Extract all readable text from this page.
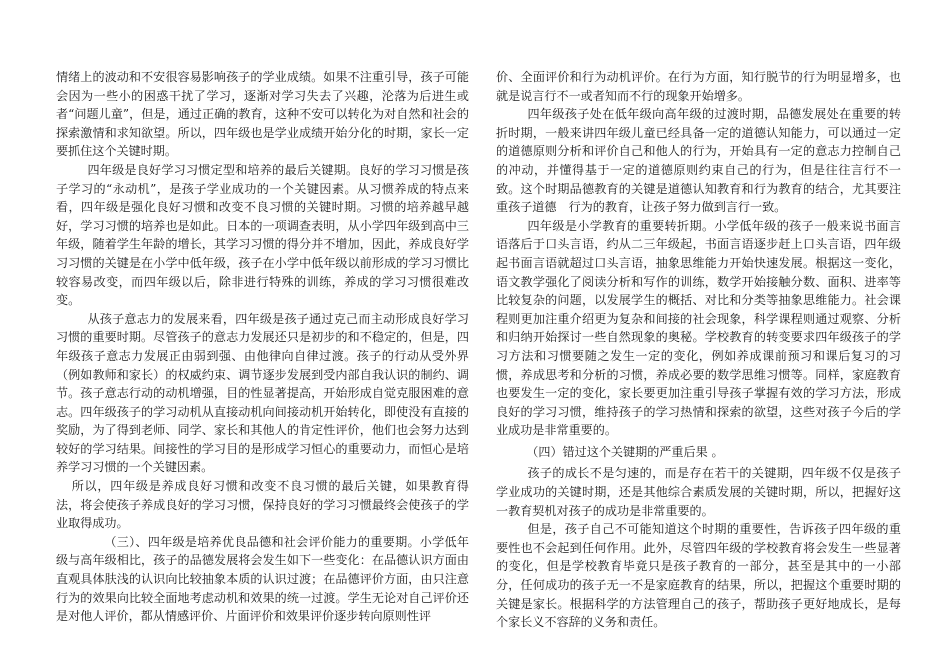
情绪上的波动和不安很容易影响孩子的学业成绩。如果不注重引导，孩子可能会因为一些小的困惑干扰了学习，逐渐对学习失去了兴趣，沦落为后进生或者“问题儿童”，但是，通过正确的教育，这种不安可以转化为对自然和社会的探索激情和求知欲望。所以，四年级也是学业成绩开始分化的时期，家长一定要抓住这个关键时期。

四年级是良好学习习惯定型和培养的最后关键期。良好的学习习惯是孩子学习的“永动机”，是孩子学业成功的一个关键因素。从习惯养成的特点来看，四年级是强化良好习惯和改变不良习惯的关键时期。习惯的培养越早越好，学习习惯的培养也是如此。日本的一项调查表明，从小学四年级到高中三年级，随着学生年龄的增长，其学习习惯的得分并不增加，因此，养成良好学习习惯的关键是在小学中低年级，孩子在小学中低年级以前形成的学习习惯比较容易改变，而四年级以后，除非进行特殊的训练，养成的学习习惯很难改变。

从孩子意志力的发展来看，四年级是孩子通过克己而主动形成良好学习习惯的重要时期。尽管孩子的意志力发展还只是初步的和不稳定的，但是，四年级孩子意志力发展正由弱到强、由他律向自律过渡。孩子的行动从受外界（例如教师和家长）的权威约束、调节逐步发展到受内部自我认识的制约、调节。孩子意志行动的动机增强，目的性显著提高，开始形成自觉克服困难的意志。四年级孩子的学习动机从直接动机向间接动机开始转化，即使没有直接的奖励，为了得到老师、同学、家长和其他人的肯定性评价，他们也会努力达到较好的学习结果。间接性的学习目的是形成学习恒心的重要动力，而恒心是培养学习习惯的一个关键因素。

所以，四年级是养成良好习惯和改变不良习惯的最后关键，如果教育得法，将会使孩子养成良好的学习习惯，保持良好的学习习惯最终会使孩子的学业取得成功。

（三）、四年级是培养优良品德和社会评价能力的重要期。小学低年级与高年级相比，孩子的品德发展将会发生如下一些变化：在品德认识方面由直观具体肤浅的认识向比较抽象本质的认识过渡；在品德评价方面，由只注意行为的效果向比较全面地考虑动机和效果的统一过渡。学生无论对自己评价还是对他人评价，都从情感评价、片面评价和效果评价逐步转向原则性评

价、全面评价和行为动机评价。在行为方面，知行脱节的行为明显增多，也就是说言行不一或者知而不行的现象开始增多。

四年级孩子处在低年级向高年级的过渡时期，品德发展处在重要的转折时期，一般来讲四年级儿童已经具备一定的道德认知能力，可以通过一定的道德原则分析和评价自己和他人的行为，开始具有一定的意志力控制自己的冲动，并懂得基于一定的道德原则约束自己的行为，但是往往言行不一致。这个时期品德教育的关键是道德认知教育和行为教育的结合，尤其要注重孩子道德　行为的教育，让孩子努力做到言行一致。

四年级是小学教育的重要转折期。小学低年级的孩子一般来说书面言语落后于口头言语，约从二三年级起，书面言语逐步赶上口头言语，四年级起书面言语就超过口头言语，抽象思维能力开始快速发展。根据这一变化，语文教学强化了阅读分析和写作的训练，数学开始接触分数、面积、进率等比较复杂的问题，以发展学生的概括、对比和分类等抽象思维能力。社会课程则更加注重介绍更为复杂和间接的社会现象，科学课程则通过观察、分析和归纳开始探讨一些自然现象的奥秘。学校教育的转变要求四年级孩子的学习方法和习惯要随之发生一定的变化，例如养成课前预习和课后复习的习惯，养成思考和分析的习惯，养成必要的数学思维习惯等。同样，家庭教育也要发生一定的变化，家长要更加注重引导孩子掌握有效的学习方法，形成良好的学习习惯，维持孩子的学习热情和探索的欲望，这些对孩子今后的学业成功是非常重要的。

（四）错过这个关键期的严重后果 。

孩子的成长不是匀速的，而是存在若干的关键期，四年级不仅是孩子学业成功的关键时期，还是其他综合素质发展的关键时期，所以，把握好这一教育契机对孩子的成功是非常重要的。

但是，孩子自己不可能知道这个时期的重要性，告诉孩子四年级的重要性也不会起到任何作用。此外，尽管四年级的学校教育将会发生一些显著的变化，但是学校教育毕竟只是孩子教育的一部分，甚至是其中的一小部分，任何成功的孩子无一不是家庭教育的结果，所以，把握这个重要时期的关键是家长。根据科学的方法管理自己的孩子，帮助孩子更好地成长，是每个家长义不容辞的义务和责任。
